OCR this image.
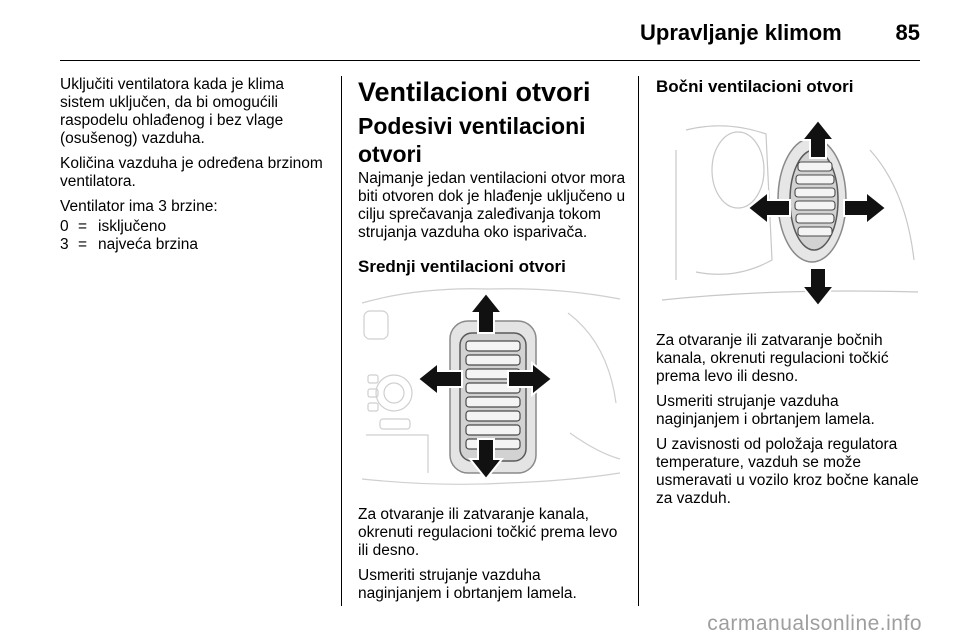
Upravljanje klimom	85

Uključiti ventilatora kada je klima sistem uključen, da bi omogućili raspodelu ohlađenog i bez vlage (osušenog) vazduha.

Količina vazduha je određena brzinom ventilatora.

Ventilator ima 3 brzine:

0 = isključeno
3 = najveća brzina
Ventilacioni otvori
Podesivi ventilacioni otvori

Najmanje jedan ventilacioni otvor mora biti otvoren dok je hlađenje uključeno u cilju sprečavanja zaleđivanja tokom strujanja vazduha oko isparivača.

Srednji ventilacioni otvori

Za otvaranje ili zatvaranje kanala, okrenuti regulacioni točkić prema levo ili desno.

Usmeriti strujanje vazduha naginjanjem i obrtanjem lamela.

Bočni ventilacioni otvori

Za otvaranje ili zatvaranje bočnih kanala, okrenuti regulacioni točkić prema levo ili desno.

Usmeriti strujanje vazduha naginjanjem i obrtanjem lamela.

U zavisnosti od položaja regulatora temperature, vazduh se može usmeravati u vozilo kroz bočne kanale za vazduh.

carmanualsonline.info
